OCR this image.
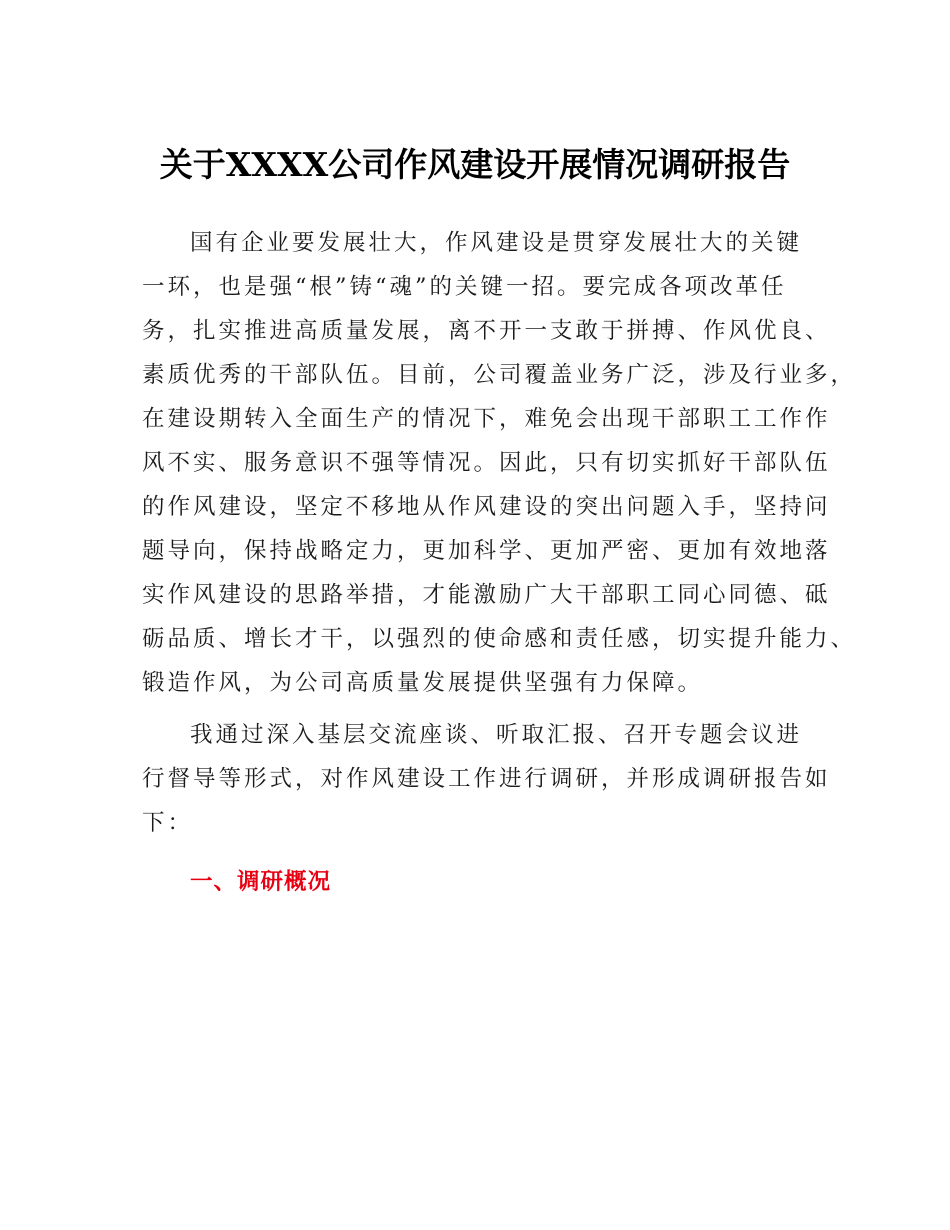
关于XXXX公司作风建设开展情况调研报告
国有企业要发展壮大，作风建设是贯穿发展壮大的关键
一环，也是强“根”铸“魂”的关键一招。要完成各项改革任
务，扎实推进高质量发展，离不开一支敢于拼搏、作风优良、
素质优秀的干部队伍。目前，公司覆盖业务广泛，涉及行业多，
在建设期转入全面生产的情况下，难免会出现干部职工工作作
风不实、服务意识不强等情况。因此，只有切实抓好干部队伍
的作风建设，坚定不移地从作风建设的突出问题入手，坚持问
题导向，保持战略定力，更加科学、更加严密、更加有效地落
实作风建设的思路举措，才能激励广大干部职工同心同德、砥
砺品质、增长才干，以强烈的使命感和责任感，切实提升能力、
锻造作风，为公司高质量发展提供坚强有力保障。
我通过深入基层交流座谈、听取汇报、召开专题会议进
行督导等形式，对作风建设工作进行调研，并形成调研报告如
下：
一、调研概况
